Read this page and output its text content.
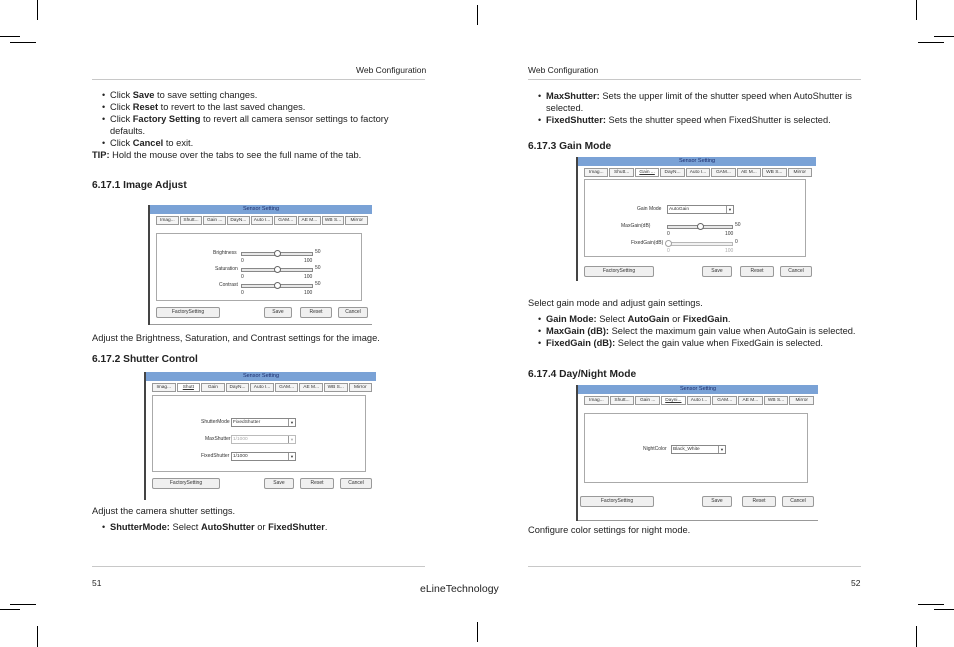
Web Configuration	Web Configuration

• Click Save to save setting changes.

• Click Reset to revert to the last saved changes.

• Click Factory Setting to revert all camera sensor settings to factory defaults.

• Click Cancel to exit.

TIP: Hold the mouse over the tabs to see the full name of the tab.

6.17.1 Image Adjust
Sensor Setting
Imag...	Shutt...	Gain ...	DayN...	Auto I...	GAM...	AE M...	WB S...	Mirror
Brightness	50
0	100
Saturation	50
0	100
Contrast	50
0	100
FactorySetting	Save	Reset	Cancel
Adjust the Brightness, Saturation, and Contrast settings for the image.
6.17.2 Shutter Control
Sensor Setting
Imag...	Shutt	Gain	DayN...	Auto I...	GAM...	AE M...	WB S...	Mirror
ShutterMode FixedShutter	▼
MaxShutter 1/1000	▼
FixedShutter 1/1000	▼
FactorySetting	Save	Reset	Cancel
Adjust the camera shutter settings.

• ShutterMode: Select AutoShutter or FixedShutter.

• MaxShutter: Sets the upper limit of the shutter speed when AutoShutter is selected.

• FixedShutter: Sets the shutter speed when FixedShutter is selected.

6.17.3 Gain Mode
Sensor Setting
Imag...	Shutt...	Gain ...	DayN...	Auto I...	GAM...	AE M...	WB S...	Mirror
Gain Mode	AutoGain	▼
MaxGain(dB)	50
0	100
FixedGain(dB)	0
0	100
FactorySetting	Save	Reset	Cancel
Select gain mode and adjust gain settings.

• Gain Mode: Select AutoGain or FixedGain.

• MaxGain (dB): Select the maximum gain value when AutoGain is selected.

• FixedGain (dB): Select the gain value when FixedGain is selected.

6.17.4 Day/Night Mode
Sensor Setting
Imag...	Shutt...	Gain ...	Dayni...	Auto I...	GAM...	AE M...	WB S...	Mirror
NightColor	Black_White	▼
FactorySetting	Save	Reset	Cancel
Configure color settings for night mode.
51	52
eLineTechnology
